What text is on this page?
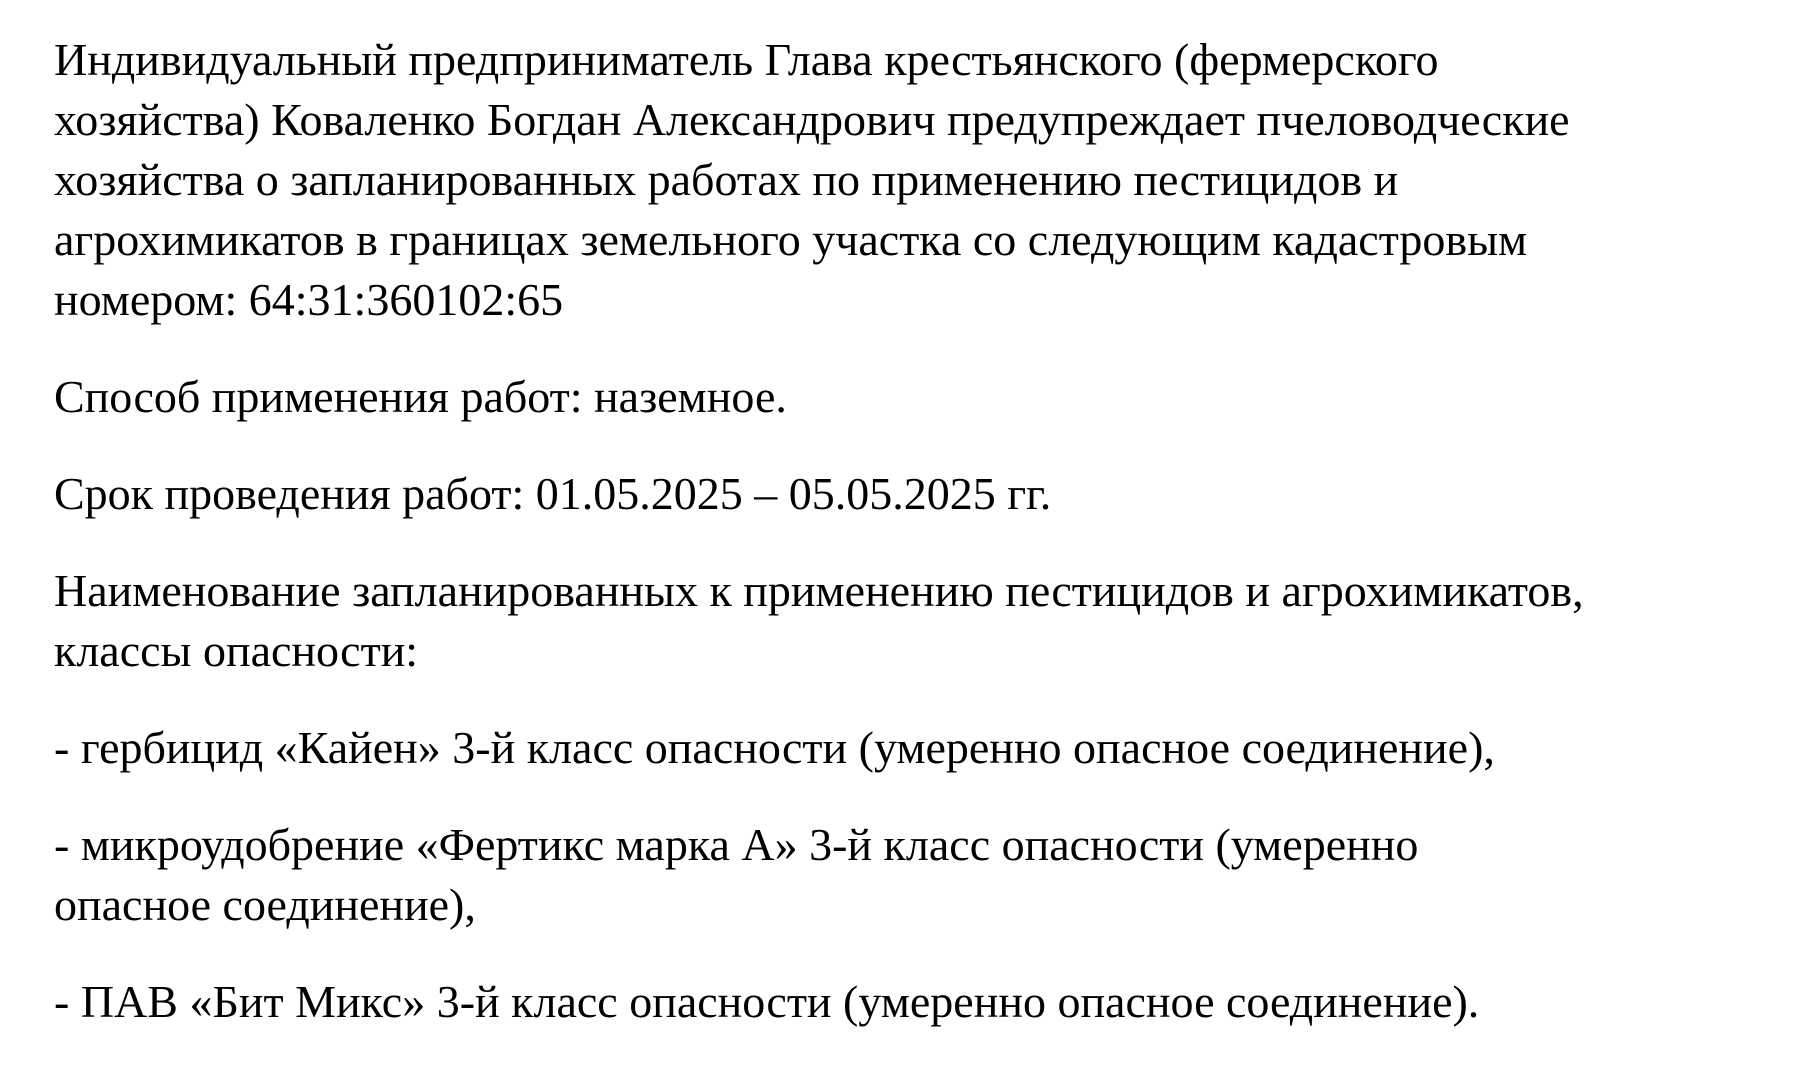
Индивидуальный предприниматель Глава крестьянского (фермерского
хозяйства) Коваленко Богдан Александрович предупреждает пчеловодческие
хозяйства о запланированных работах по применению пестицидов и
агрохимикатов в границах земельного участка со следующим кадастровым
номером: 64:31:360102:65

Способ применения работ: наземное.

Срок проведения работ: 01.05.2025 – 05.05.2025 гг.

Наименование запланированных к применению пестицидов и агрохимикатов,
классы опасности:

- гербицид «Кайен» 3-й класс опасности (умеренно опасное соединение),

- микроудобрение «Фертикс марка А» 3-й класс опасности (умеренно
опасное соединение),

- ПАВ «Бит Микс» 3-й класс опасности (умеренно опасное соединение).
